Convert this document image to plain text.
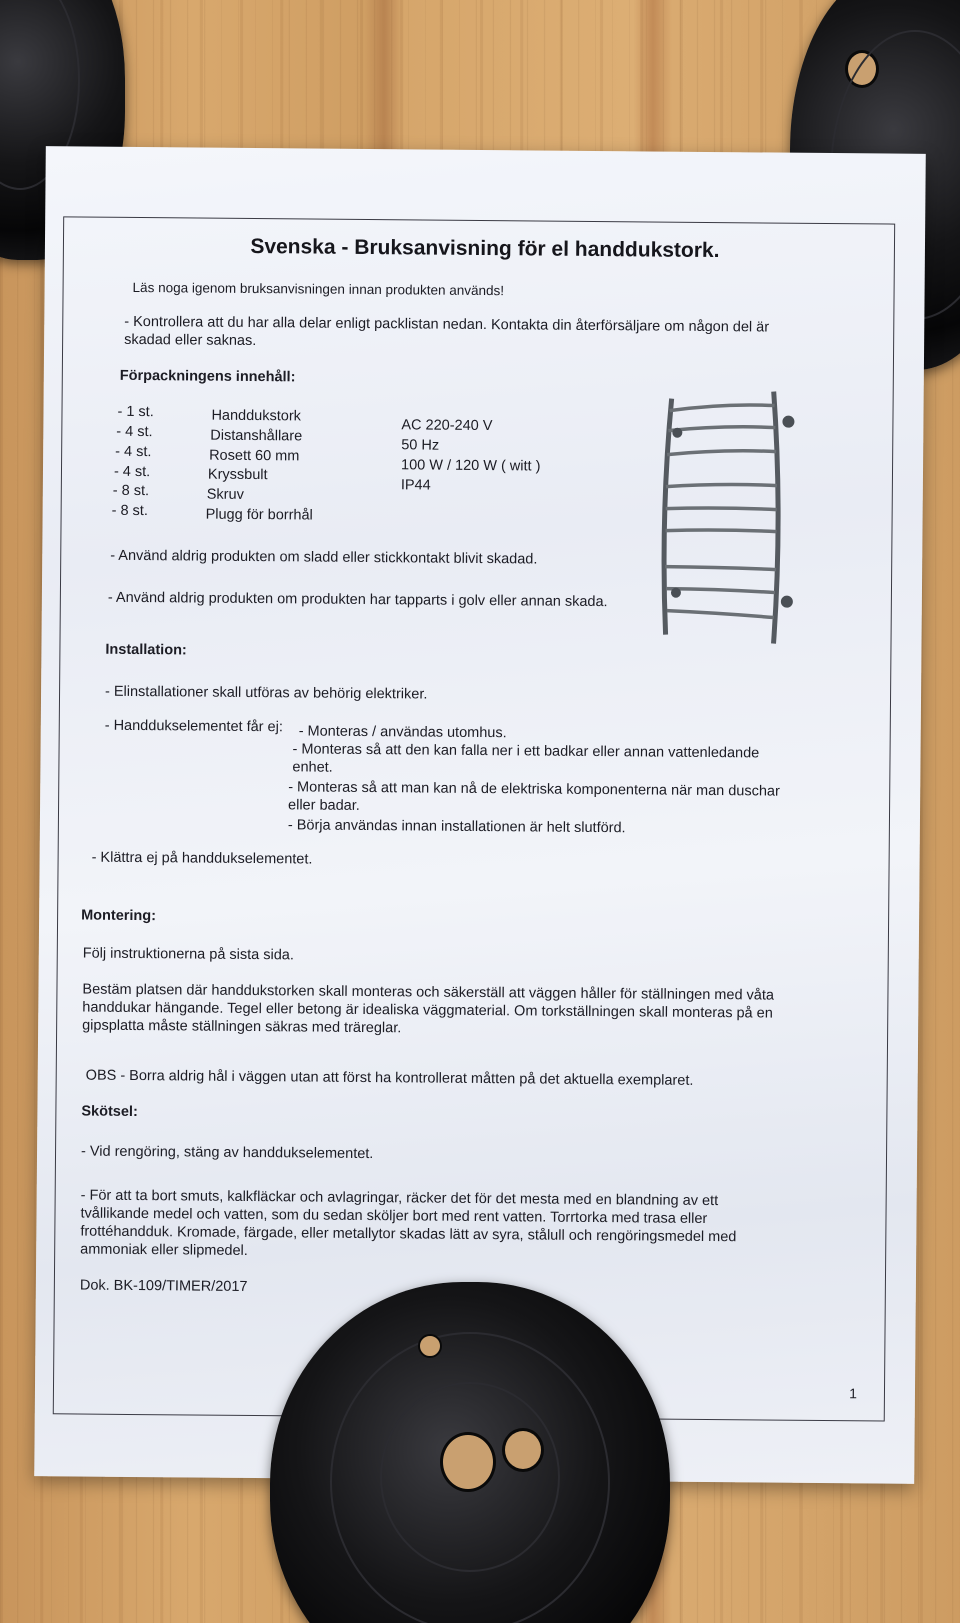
Svenska - Bruksanvisning för el handdukstork.
Läs noga igenom bruksanvisningen innan produkten används!
- Kontrollera att du har alla delar enligt packlistan nedan. Kontakta din återförsäljare om någon del är skadad eller saknas.
Förpackningens innehåll:
- 1 st.	Handdukstork
- 4 st.	Distanshållare
- 4 st.	Rosett 60 mm
- 4 st.	Kryssbult
- 8 st.	Skruv
- 8 st.	Plugg för borrhål
AC 220-240 V
50 Hz
100 W / 120 W ( witt )
IP44
- Använd aldrig produkten om sladd eller stickkontakt blivit skadad.
- Använd aldrig produkten om produkten har tapparts i golv eller annan skada.
Installation:
- Elinstallationer skall utföras av behörig elektriker.
- Handdukselementet får ej: - Monteras / användas utomhus.
- Monteras så att den kan falla ner i ett badkar eller annan vattenledande enhet.
- Monteras så att man kan nå de elektriska komponenterna när man duschar eller badar.
- Börja användas innan installationen är helt slutförd.
- Klättra ej på handdukselementet.
Montering:
Följ instruktionerna på sista sida.
Bestäm platsen där handdukstorken skall monteras och säkerställ att väggen håller för ställningen med våta handdukar hängande. Tegel eller betong är idealiska väggmaterial. Om torkställningen skall monteras på en gipsplatta måste ställningen säkras med träreglar.
OBS - Borra aldrig hål i väggen utan att först ha kontrollerat måtten på det aktuella exemplaret.
Skötsel:
- Vid rengöring, stäng av handdukselementet.
- För att ta bort smuts, kalkfläckar och avlagringar, räcker det för det mesta med en blandning av ett tvållikande medel och vatten, som du sedan sköljer bort med rent vatten. Torrtorka med trasa eller frottéhandduk. Kromade, färgade, eller metallytor skadas lätt av syra, stålull och rengöringsmedel med ammoniak eller slipmedel.
Dok. BK-109/TIMER/2017
1
